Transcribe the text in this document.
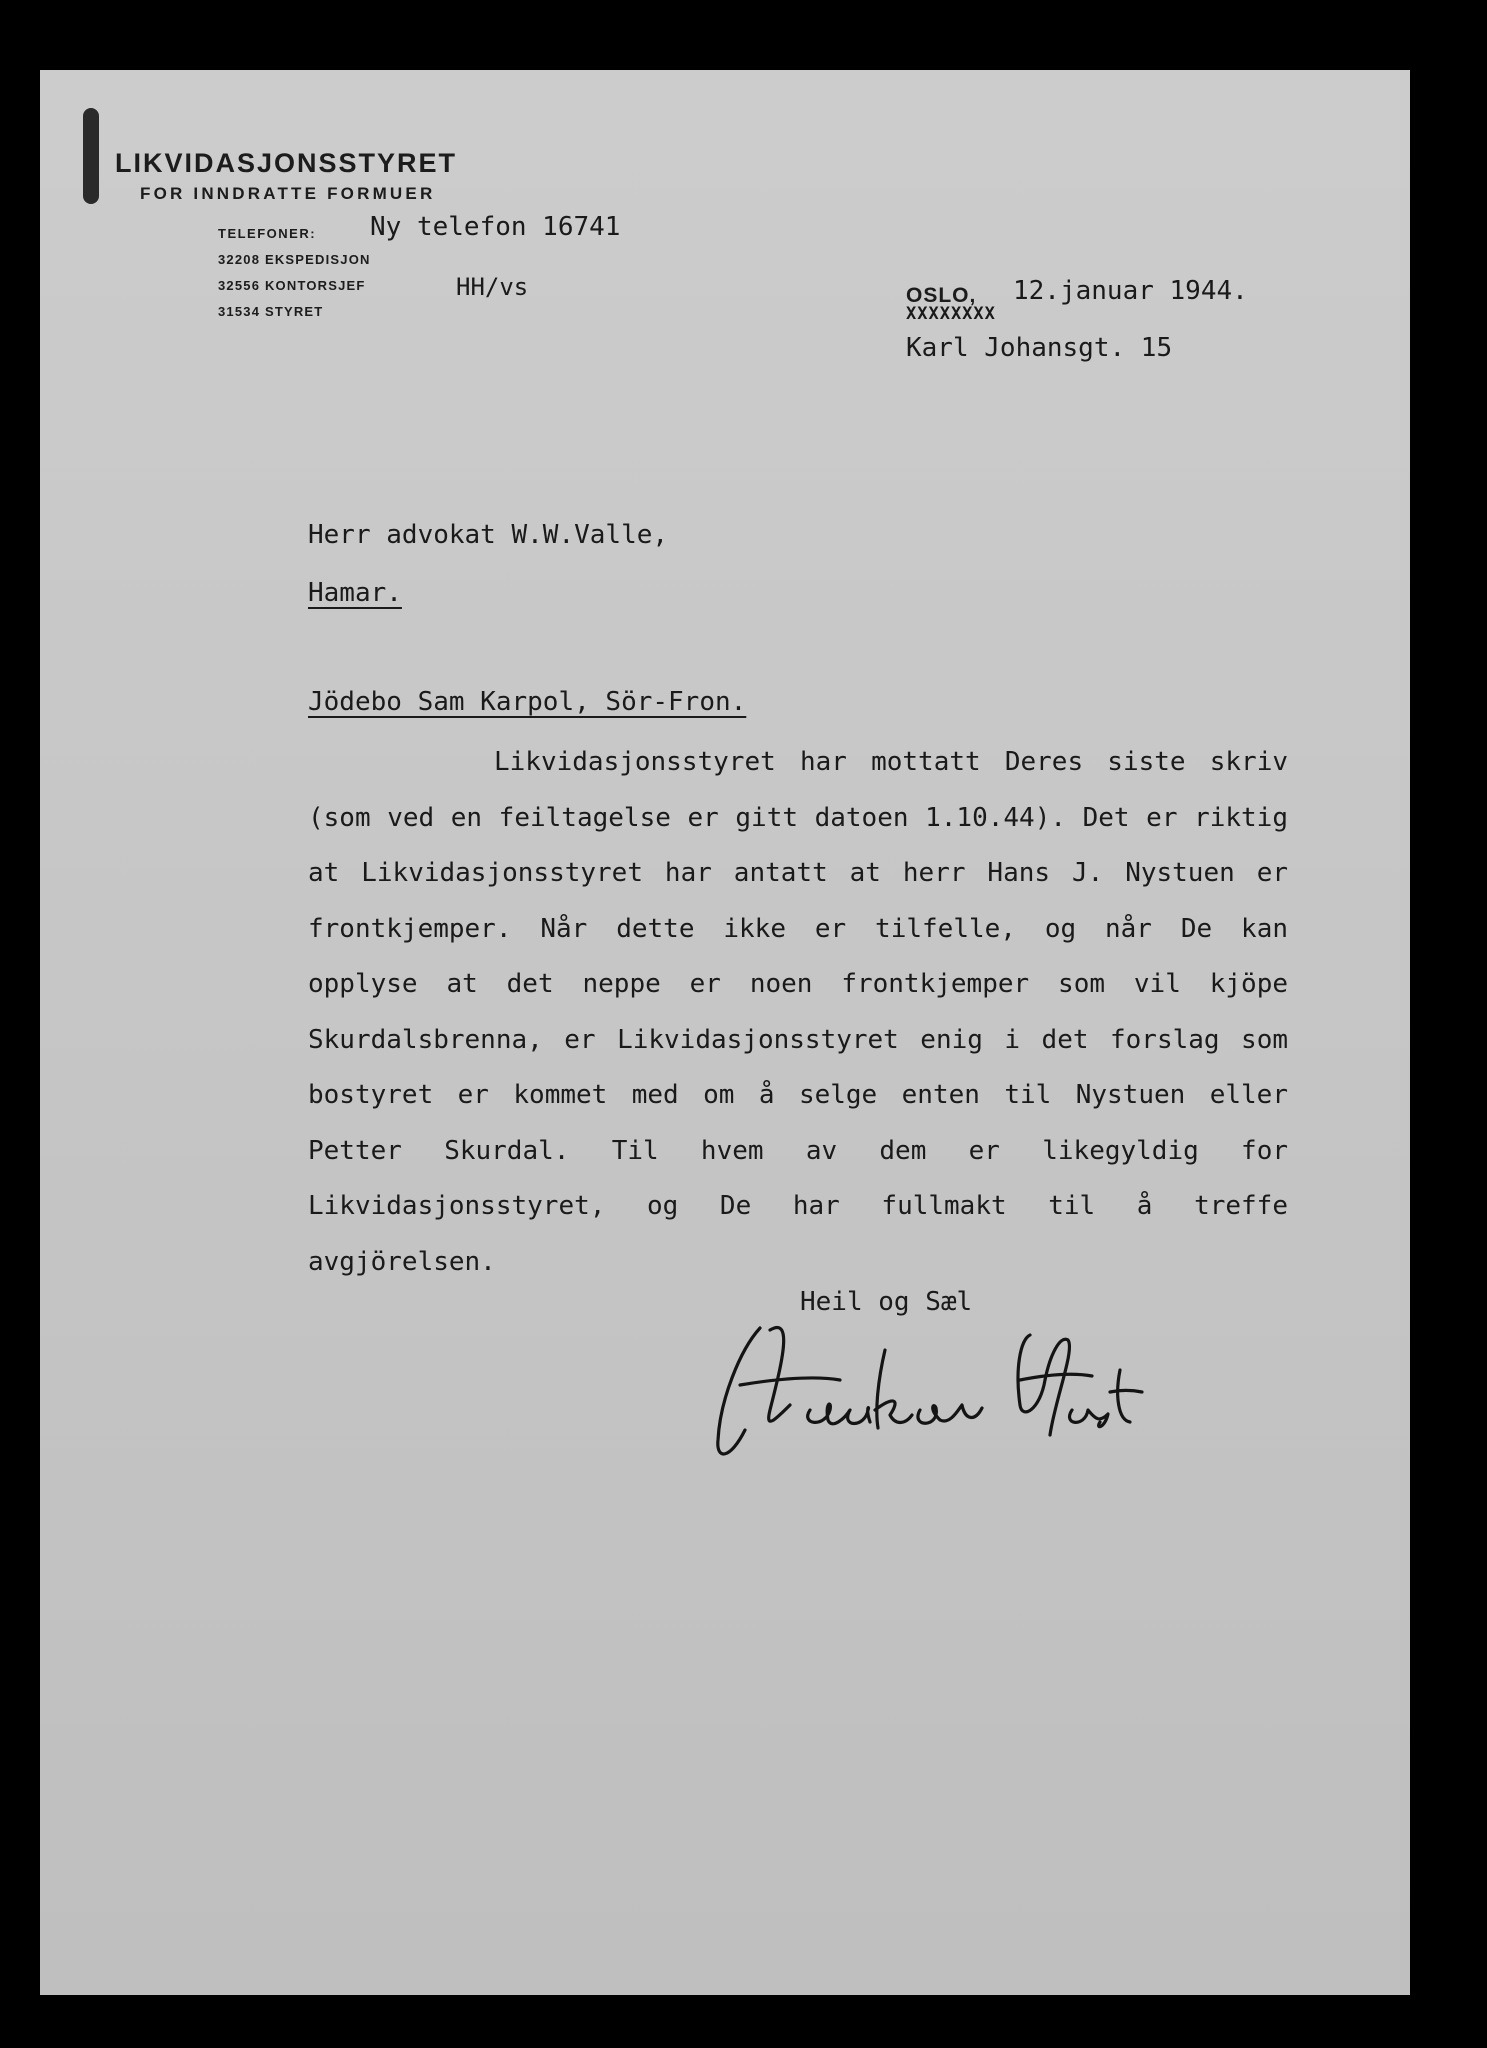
LIKVIDASJONSSTYRET
FOR INNDRATTE FORMUER
TELEFONER:
32208 EKSPEDISJON
32556 KONTORSJEF
31534 STYRET
Ny telefon 16741
HH/vs	OSLO, 12.januar 1944.
XXXXXXXX
Karl Johansgt. 15
Herr advokat W.W.Valle,
Hamar.
Jödebo Sam Karpol, Sör-Fron.

Likvidasjonsstyret har mottatt Deres siste skriv (som ved en feiltagelse er gitt datoen 1.10.44). Det er riktig at Likvidasjonsstyret har antatt at herr Hans J. Nystuen er frontkjemper. Når dette ikke er tilfelle, og når De kan opplyse at det neppe er noen frontkjemper som vil kjöpe Skurdalsbrenna, er Likvidasjonsstyret enig i det forslag som bostyret er kommet med om å selge enten til Nystuen eller Petter Skurdal. Til hvem av dem er likegyldig for Likvidasjonsstyret, og De har fullmakt til å treffe avgjörelsen.

Heil og Sæl
